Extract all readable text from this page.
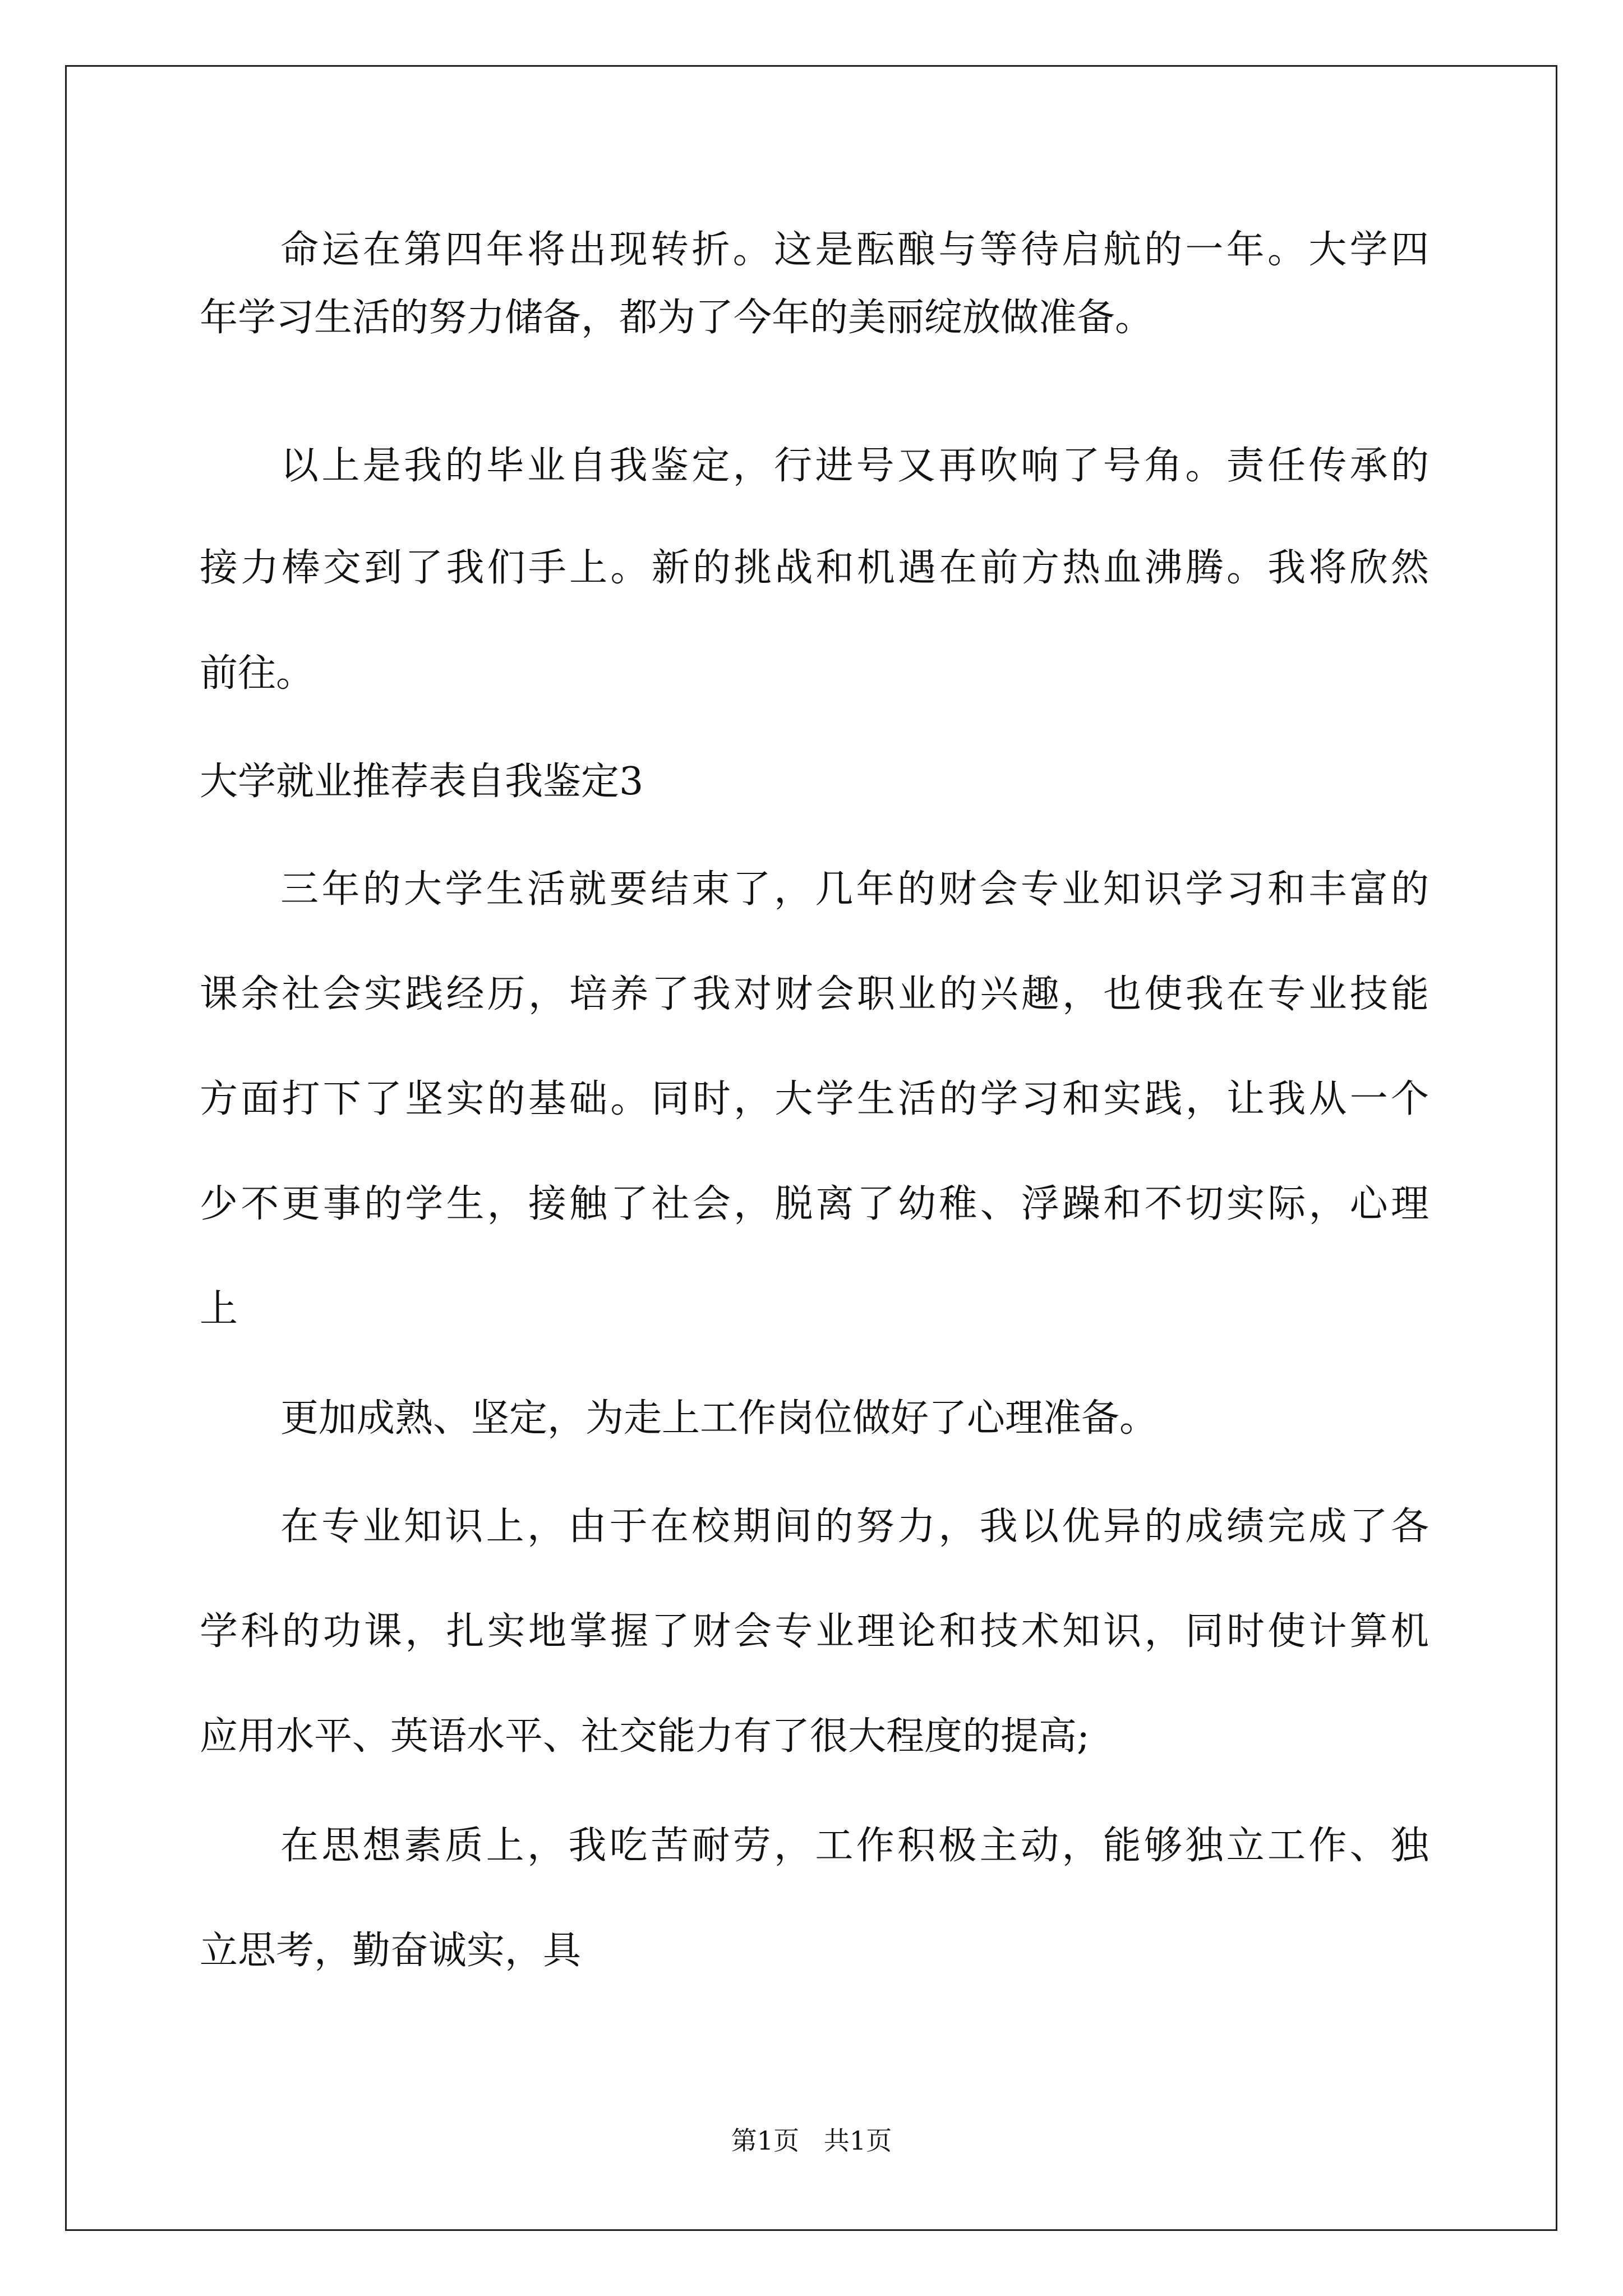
命运在第四年将出现转折。这是酝酿与等待启航的一年。大学四
年学习生活的努力储备，都为了今年的美丽绽放做准备。
以上是我的毕业自我鉴定，行进号又再吹响了号角。责任传承的
接力棒交到了我们手上。新的挑战和机遇在前方热血沸腾。我将欣然
前往。
大学就业推荐表自我鉴定3
三年的大学生活就要结束了，几年的财会专业知识学习和丰富的
课余社会实践经历，培养了我对财会职业的兴趣，也使我在专业技能
方面打下了坚实的基础。同时，大学生活的学习和实践，让我从一个
少不更事的学生，接触了社会，脱离了幼稚、浮躁和不切实际，心理
上
更加成熟、坚定，为走上工作岗位做好了心理准备。
在专业知识上，由于在校期间的努力，我以优异的成绩完成了各
学科的功课，扎实地掌握了财会专业理论和技术知识，同时使计算机
应用水平、英语水平、社交能力有了很大程度的提高;
在思想素质上，我吃苦耐劳，工作积极主动，能够独立工作、独
立思考，勤奋诚实，具
第1页   共1页
